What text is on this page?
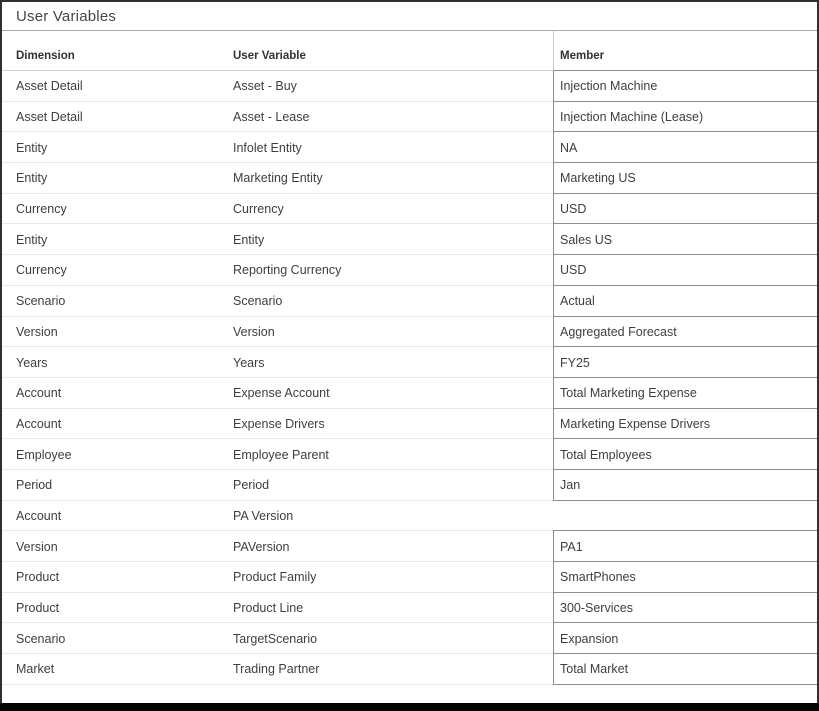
User Variables
Dimension	User Variable	Member
Asset Detail	Asset - Buy	Injection Machine
Asset Detail	Asset - Lease	Injection Machine (Lease)
Entity	Infolet Entity	NA
Entity	Marketing Entity	Marketing US
Currency	Currency	USD
Entity	Entity	Sales US
Currency	Reporting Currency	USD
Scenario	Scenario	Actual
Version	Version	Aggregated Forecast
Years	Years	FY25
Account	Expense Account	Total Marketing Expense
Account	Expense Drivers	Marketing Expense Drivers
Employee	Employee Parent	Total Employees
Period	Period	Jan
Account	PA Version
Version	PAVersion	PA1
Product	Product Family	SmartPhones
Product	Product Line	300-Services
Scenario	TargetScenario	Expansion
Market	Trading Partner	Total Market
